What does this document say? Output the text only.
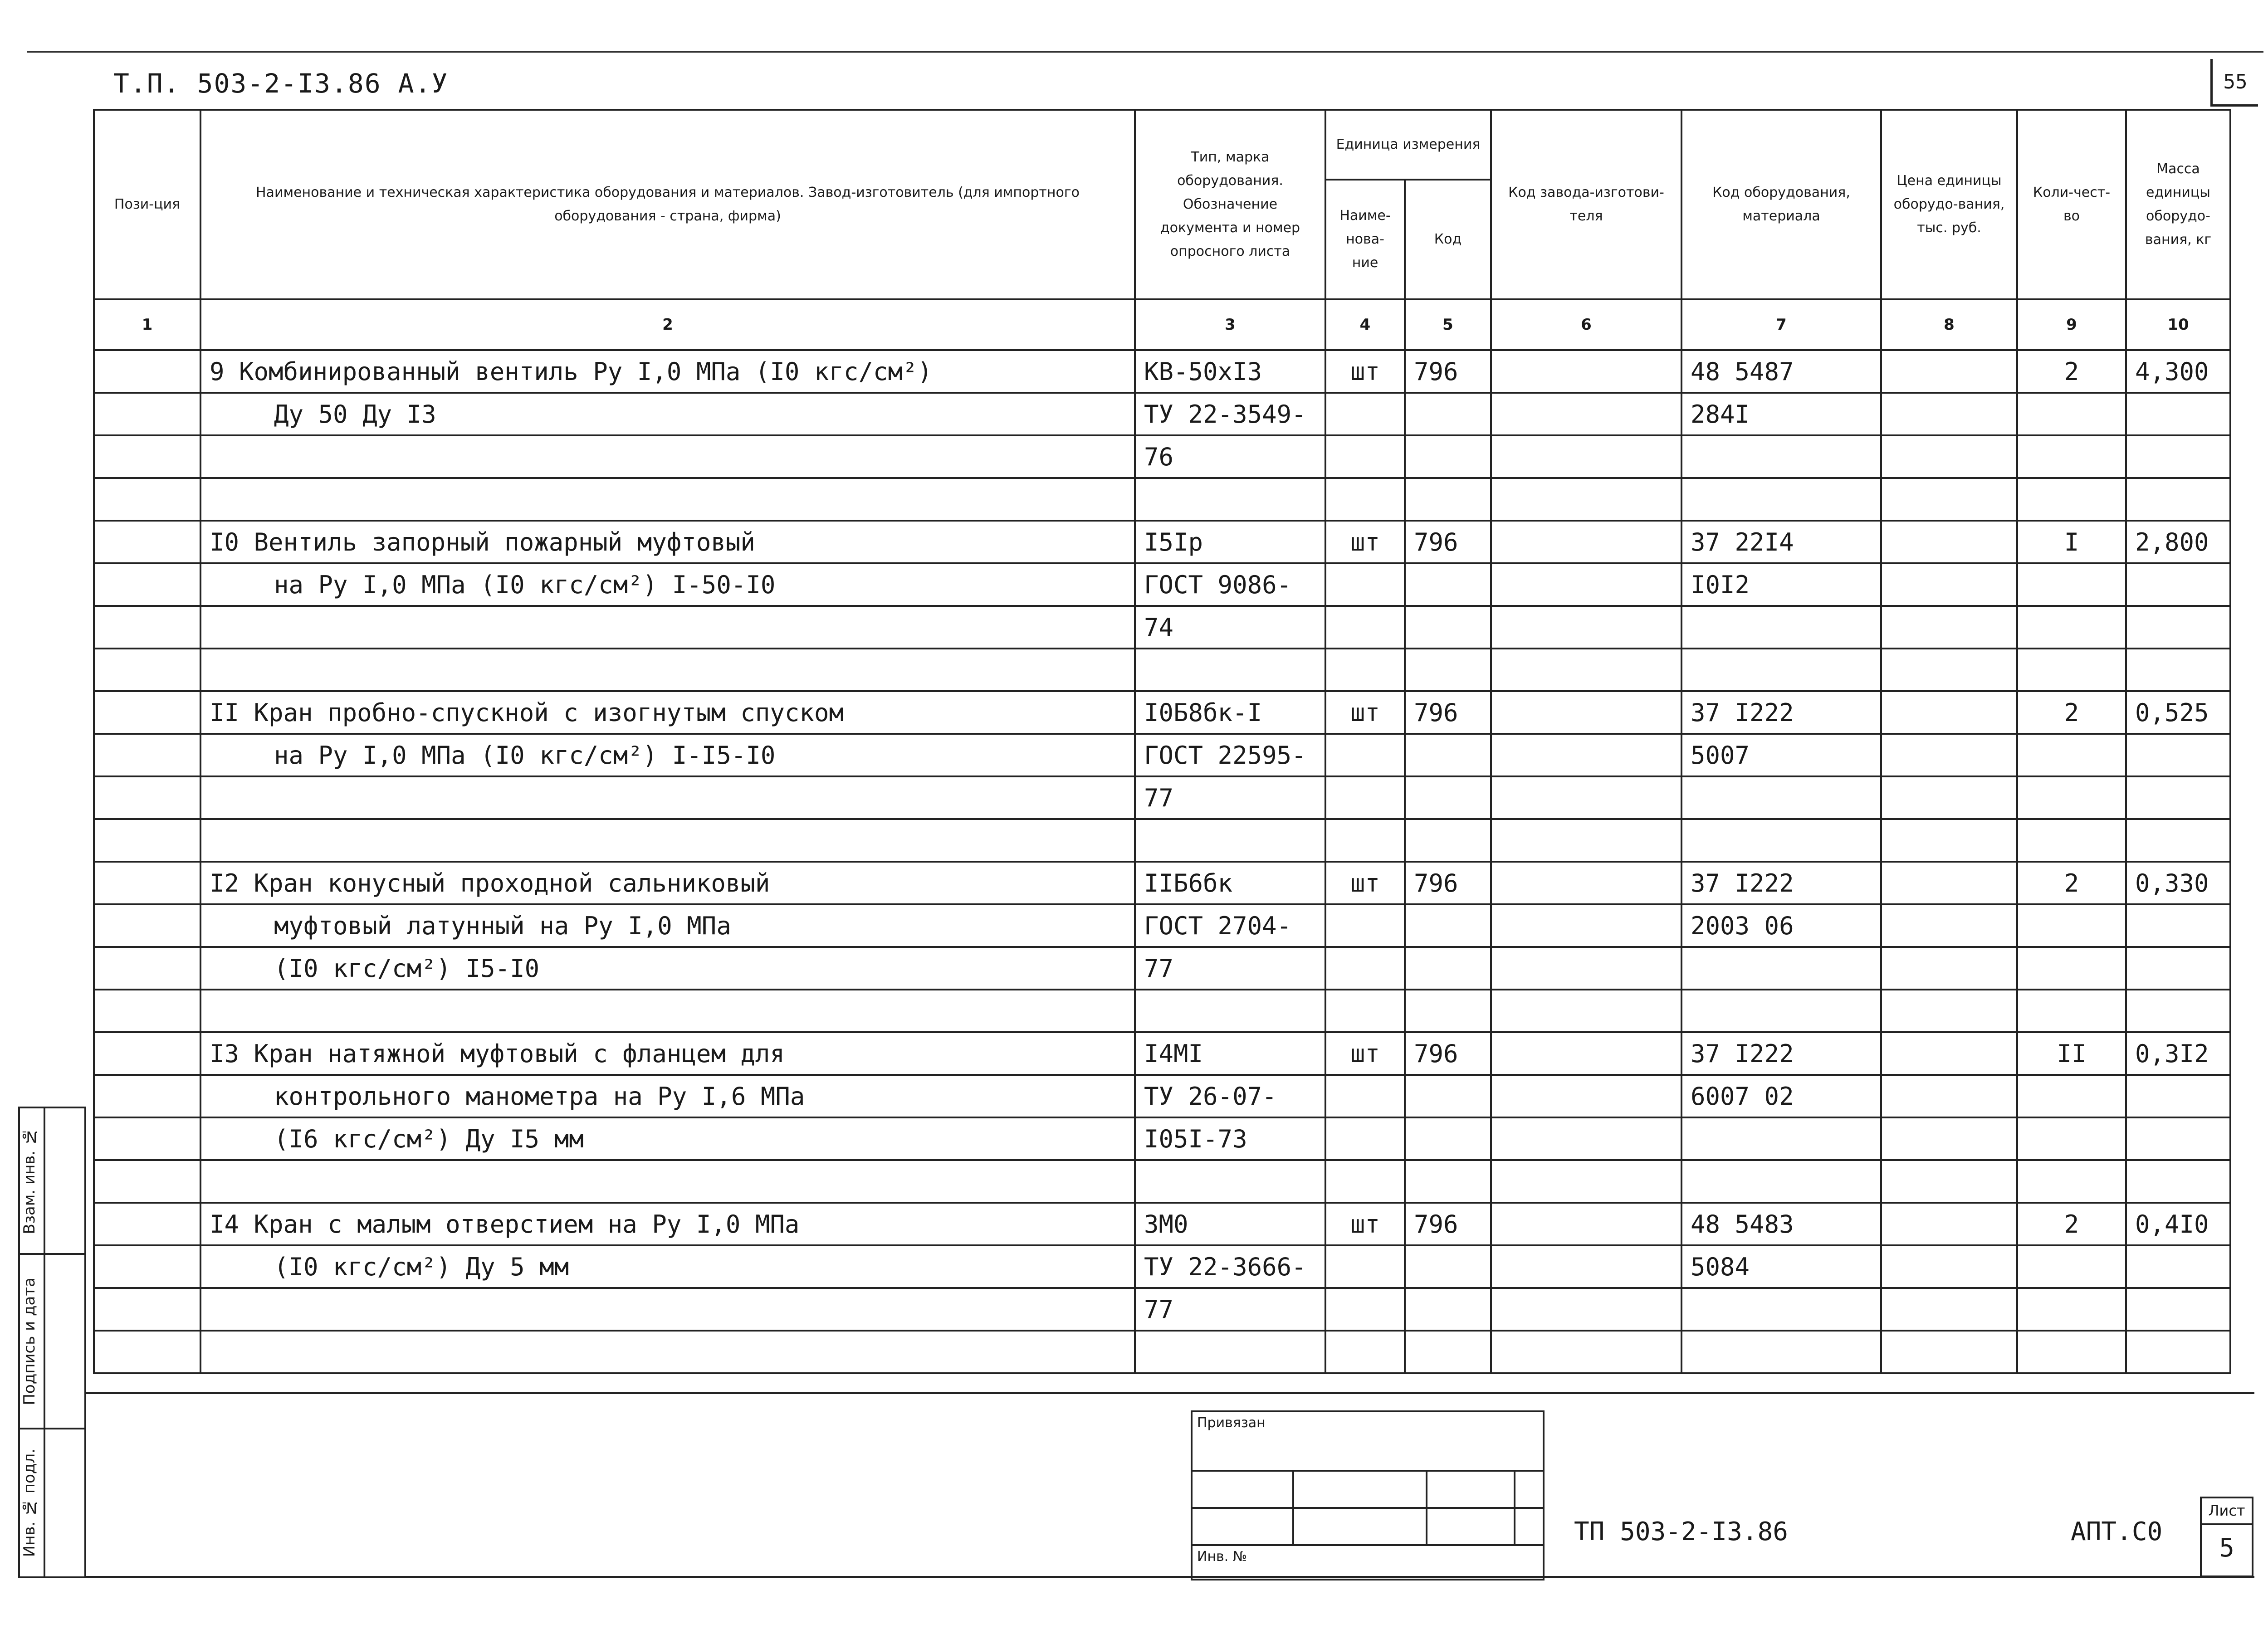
Т.П. 503-2-I3.86 А.У	55
Пози-ция	Наименование и техническая характеристика оборудования и материалов. Завод-изготовитель (для импортного оборудования - страна, фирма)	Тип, марка оборудования. Обозначение документа и номер опросного листа	Единица измерения		Код завода-изготови-теля	Код оборудования, материала	Цена единицы оборудо-вания, тыс. руб.	Коли-чест-во	Масса единицы оборудо-вания, кг
			Наиме-нова-ние	Код					
1	2	3	4	5	6	7	8	9	10
	9 Комбинированный вентиль Ру I,0 МПа (I0 кгс/см²)	КВ-50хI3	шт	796		48 5487		2	4,300
	Ду 50 Ду I3	ТУ 22-3549-				284I			
		76							

	I0 Вентиль запорный пожарный муфтовый	I5Iр	шт	796		37 22I4		I	2,800
	на Ру I,0 МПа (I0 кгс/см²) I-50-I0	ГОСТ 9086-				I0I2			
		74							

	II Кран пробно-спускной с изогнутым спуском	I0Б8бк-I	шт	796		37 I222		2	0,525
	на Ру I,0 МПа (I0 кгс/см²) I-I5-I0	ГОСТ 22595-				5007			
		77							

	I2 Кран конусный проходной сальниковый	IIБ6бк	шт	796		37 I222		2	0,330
	муфтовый латунный на Ру I,0 МПа	ГОСТ 2704-				2003 06			
	(I0 кгс/см²) I5-I0	77							

	I3 Кран натяжной муфтовый с фланцем для	I4МI	шт	796		37 I222		II	0,3I2
	контрольного манометра на Ру I,6 МПа	ТУ 26-07-				6007 02			
	(I6 кгс/см²) Ду I5 мм	I05I-73							

	I4 Кран с малым отверстием на Ру I,0 МПа	3М0	шт	796		48 5483		2	0,4I0
	(I0 кгс/см²) Ду 5 мм	ТУ 22-3666-				5084			
		77							

Привязан			

Инв. №			
ТП 503-2-I3.86	АПТ.С0
Лист
5
Взам. инв. №	

Подпись и дата	

Инв. № подл.	
